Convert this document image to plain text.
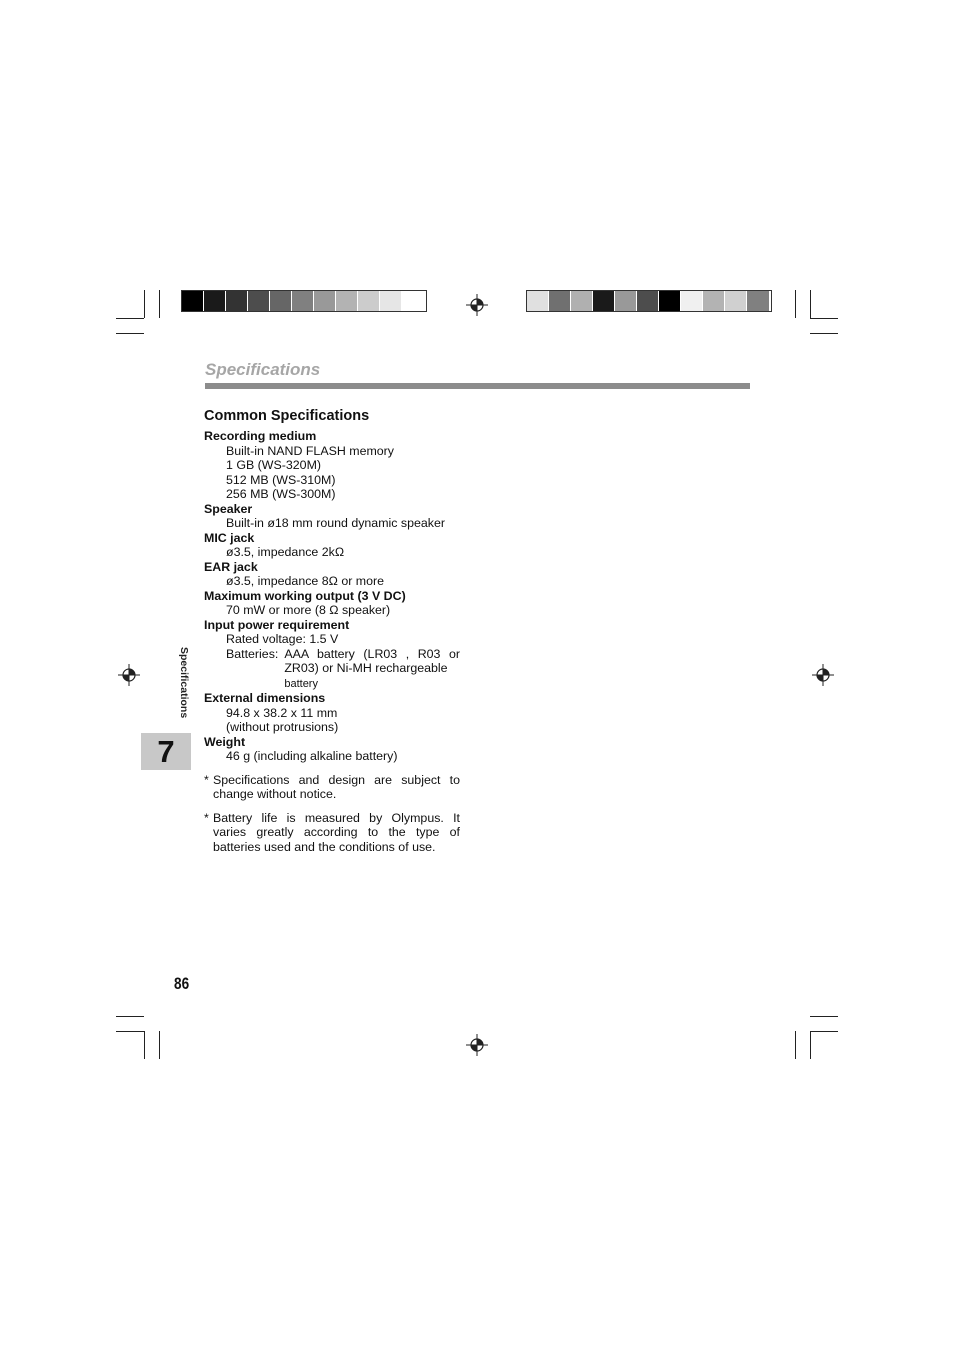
Specifications
Common Specifications
Recording medium
Built-in NAND FLASH memory
1 GB (WS-320M)
512 MB (WS-310M)
256 MB (WS-300M)
Speaker
Built-in ø18 mm round dynamic speaker
MIC jack
ø3.5, impedance 2kΩ
EAR jack
ø3.5, impedance 8Ω or more
Maximum working output (3 V DC)
70 mW or more (8 Ω speaker)
Input power requirement
Rated voltage: 1.5 V
Batteries: AAA battery (LR03 , R03 or ZR03) or Ni-MH rechargeable
battery
External dimensions
94.8 x 38.2 x 11 mm
(without protrusions)
Weight
46 g (including alkaline battery)
* Specifications and design are subject to change without notice.
* Battery life is measured by Olympus. It varies greatly according to the type of batteries used and the conditions of use.
Specifications
7
86
